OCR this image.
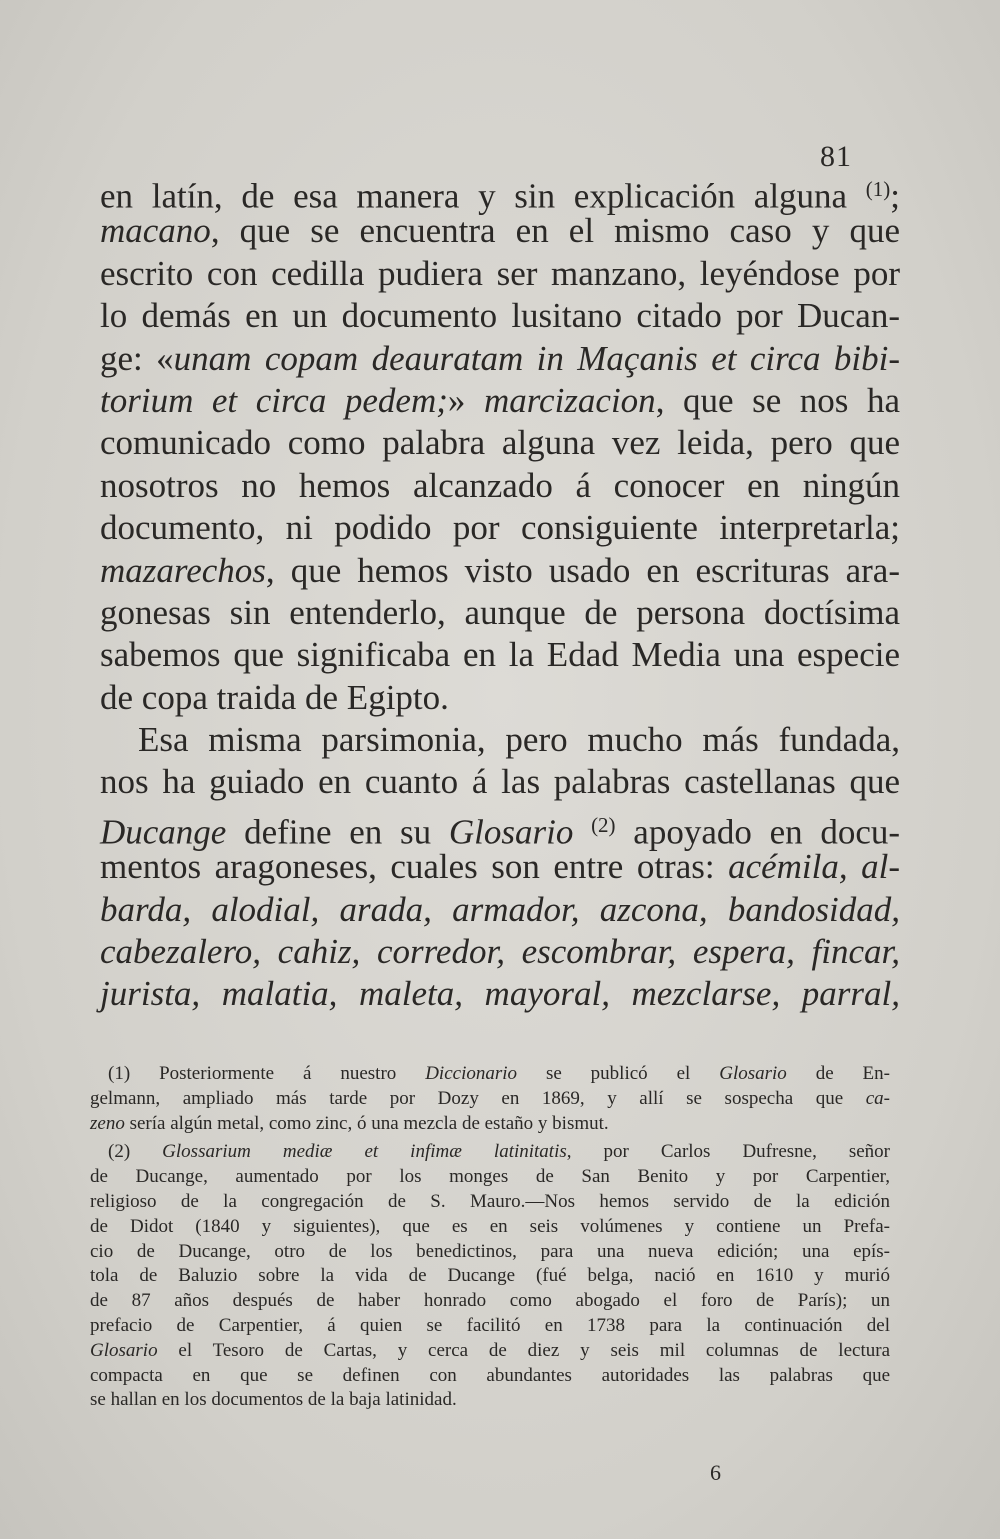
81
en latín, de esa manera y sin explicación alguna $^{(1)}$;
macano, que se encuentra en el mismo caso y que
escrito con cedilla pudiera ser manzano, leyéndose por
lo demás en un documento lusitano citado por Ducan-
ge: «unam copam deauratam in Maçanis et circa bibi-
torium et circa pedem;» marcizacion, que se nos ha
comunicado como palabra alguna vez leida, pero que
nosotros no hemos alcanzado á conocer en ningún
documento, ni podido por consiguiente interpretarla;
mazarechos, que hemos visto usado en escrituras ara-
gonesas sin entenderlo, aunque de persona doctísima
sabemos que significaba en la Edad Media una especie
de copa traida de Egipto.
Esa misma parsimonia, pero mucho más fundada,
nos ha guiado en cuanto á las palabras castellanas que
Ducange define en su Glosario $^{(2)}$ apoyado en docu-
mentos aragoneses, cuales son entre otras: acémila, al-
barda, alodial, arada, armador, azcona, bandosidad,
cabezalero, cahiz, corredor, escombrar, espera, fincar,
jurista, malatia, maleta, mayoral, mezclarse, parral,
(1) Posteriormente á nuestro Diccionario se publicó el Glosario de En-
gelmann, ampliado más tarde por Dozy en 1869, y allí se sospecha que ca-
zeno sería algún metal, como zinc, ó una mezcla de estaño y bismut.
(2) Glossarium mediæ et infimæ latinitatis, por Carlos Dufresne, señor
de Ducange, aumentado por los monges de San Benito y por Carpentier,
religioso de la congregación de S. Mauro.—Nos hemos servido de la edición
de Didot (1840 y siguientes), que es en seis volúmenes y contiene un Prefa-
cio de Ducange, otro de los benedictinos, para una nueva edición; una epís-
tola de Baluzio sobre la vida de Ducange (fué belga, nació en 1610 y murió
de 87 años después de haber honrado como abogado el foro de París); un
prefacio de Carpentier, á quien se facilitó en 1738 para la continuación del
Glosario el Tesoro de Cartas, y cerca de diez y seis mil columnas de lectura
compacta en que se definen con abundantes autoridades las palabras que
se hallan en los documentos de la baja latinidad.
6
